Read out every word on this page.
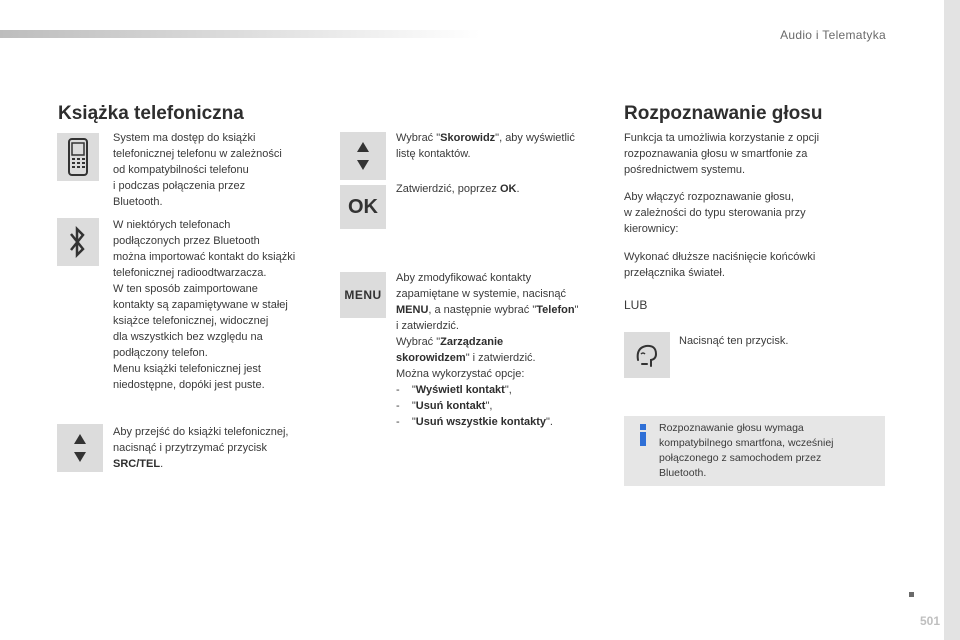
Audio i Telematyka
501
Książka telefoniczna
System ma dostęp do książki
telefonicznej telefonu w zależności
od kompatybilności telefonu
i podczas połączenia przez
Bluetooth.
W niektórych telefonach
podłączonych przez Bluetooth
można importować kontakt do książki
telefonicznej radioodtwarzacza.
W ten sposób zaimportowane
kontakty są zapamiętywane w stałej
książce telefonicznej, widocznej
dla wszystkich bez względu na
podłączony telefon.
Menu książki telefonicznej jest
niedostępne, dopóki jest puste.
Aby przejść do książki telefonicznej,
nacisnąć i przytrzymać przycisk
SRC/TEL.
Wybrać "Skorowidz", aby wyświetlić
listę kontaktów.
OK
Zatwierdzić, poprzez OK.
MENU
Aby zmodyfikować kontakty
zapamiętane w systemie, nacisnąć
MENU, a następnie wybrać "Telefon"
i zatwierdzić.
Wybrać "Zarządzanie
skorowidzem" i zatwierdzić.
Można wykorzystać opcje:
-    "Wyświetl kontakt",
-    "Usuń kontakt",
-    "Usuń wszystkie kontakty".
Rozpoznawanie głosu
Funkcja ta umożliwia korzystanie z opcji
rozpoznawania głosu w smartfonie za
pośrednictwem systemu.
Aby włączyć rozpoznawanie głosu,
w zależności do typu sterowania przy
kierownicy:
Wykonać dłuższe naciśnięcie końcówki
przełącznika świateł.
LUB
Nacisnąć ten przycisk.
Rozpoznawanie głosu wymaga
kompatybilnego smartfona, wcześniej
połączonego z samochodem przez
Bluetooth.
